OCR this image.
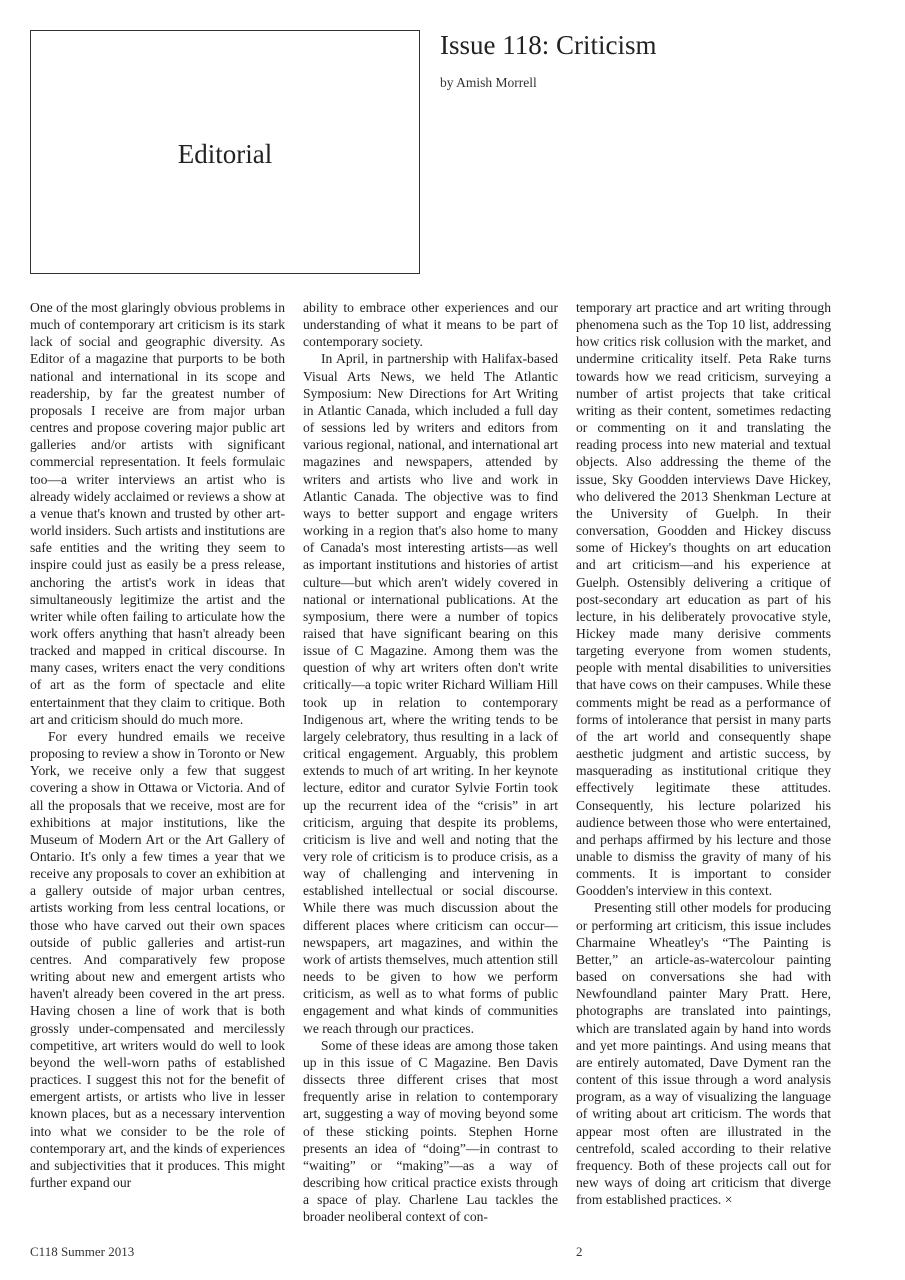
Editorial
Issue 118: Criticism
by Amish Morrell

One of the most glaringly obvious problems in much of contemporary art criticism is its stark lack of social and geographic diversity. As Editor of a magazine that purports to be both national and international in its scope and readership, by far the greatest number of proposals I receive are from major urban centres and propose covering major public art galleries and/or artists with significant commercial representation. It feels formulaic too—a writer interviews an artist who is already widely acclaimed or reviews a show at a venue that's known and trusted by other art-world insiders. Such artists and institutions are safe entities and the writing they seem to inspire could just as easily be a press release, anchoring the artist's work in ideas that simultaneously legitimize the artist and the writer while often failing to articulate how the work offers anything that hasn't already been tracked and mapped in critical discourse. In many cases, writers enact the very conditions of art as the form of spectacle and elite entertainment that they claim to critique. Both art and criticism should do much more.

For every hundred emails we receive proposing to review a show in Toronto or New York, we receive only a few that suggest covering a show in Ottawa or Victoria. And of all the proposals that we receive, most are for exhibitions at major institutions, like the Museum of Modern Art or the Art Gallery of Ontario. It's only a few times a year that we receive any proposals to cover an exhibition at a gallery outside of major urban centres, artists working from less central locations, or those who have carved out their own spaces outside of public galleries and artist-run centres. And comparatively few propose writing about new and emergent artists who haven't already been covered in the art press. Having chosen a line of work that is both grossly under-compensated and mercilessly competitive, art writers would do well to look beyond the well-worn paths of established practices. I suggest this not for the benefit of emergent artists, or artists who live in lesser known places, but as a necessary intervention into what we consider to be the role of contemporary art, and the kinds of experiences and subjectivities that it produces. This might further expand our

ability to embrace other experiences and our understanding of what it means to be part of contemporary society.

In April, in partnership with Halifax-based Visual Arts News, we held The Atlantic Symposium: New Directions for Art Writing in Atlantic Canada, which included a full day of sessions led by writers and editors from various regional, national, and international art magazines and newspapers, attended by writers and artists who live and work in Atlantic Canada. The objective was to find ways to better support and engage writers working in a region that's also home to many of Canada's most interesting artists—as well as important institutions and histories of artist culture—but which aren't widely covered in national or international publications. At the symposium, there were a number of topics raised that have significant bearing on this issue of C Magazine. Among them was the question of why art writers often don't write critically—a topic writer Richard William Hill took up in relation to contemporary Indigenous art, where the writing tends to be largely celebratory, thus resulting in a lack of critical engagement. Arguably, this problem extends to much of art writing. In her keynote lecture, editor and curator Sylvie Fortin took up the recurrent idea of the “crisis” in art criticism, arguing that despite its problems, criticism is live and well and noting that the very role of criticism is to produce crisis, as a way of challenging and intervening in established intellectual or social discourse. While there was much discussion about the different places where criticism can occur—newspapers, art magazines, and within the work of artists themselves, much attention still needs to be given to how we perform criticism, as well as to what forms of public engagement and what kinds of communities we reach through our practices.

Some of these ideas are among those taken up in this issue of C Magazine. Ben Davis dissects three different crises that most frequently arise in relation to contemporary art, suggesting a way of moving beyond some of these sticking points. Stephen Horne presents an idea of “doing”—in contrast to “waiting” or “making”—as a way of describing how critical practice exists through a space of play. Charlene Lau tackles the broader neoliberal context of con-

temporary art practice and art writing through phenomena such as the Top 10 list, addressing how critics risk collusion with the market, and undermine criticality itself. Peta Rake turns towards how we read criticism, surveying a number of artist projects that take critical writing as their content, sometimes redacting or commenting on it and translating the reading process into new material and textual objects. Also addressing the theme of the issue, Sky Goodden interviews Dave Hickey, who delivered the 2013 Shenkman Lecture at the University of Guelph. In their conversation, Goodden and Hickey discuss some of Hickey's thoughts on art education and art criticism—and his experience at Guelph. Ostensibly delivering a critique of post-secondary art education as part of his lecture, in his deliberately provocative style, Hickey made many derisive comments targeting everyone from women students, people with mental disabilities to universities that have cows on their campuses. While these comments might be read as a performance of forms of intolerance that persist in many parts of the art world and consequently shape aesthetic judgment and artistic success, by masquerading as institutional critique they effectively legitimate these attitudes. Consequently, his lecture polarized his audience between those who were entertained, and perhaps affirmed by his lecture and those unable to dismiss the gravity of many of his comments. It is important to consider Goodden's interview in this context.

Presenting still other models for producing or performing art criticism, this issue includes Charmaine Wheatley's “The Painting is Better,” an article-as-watercolour painting based on conversations she had with Newfoundland painter Mary Pratt. Here, photographs are translated into paintings, which are translated again by hand into words and yet more paintings. And using means that are entirely automated, Dave Dyment ran the content of this issue through a word analysis program, as a way of visualizing the language of writing about art criticism. The words that appear most often are illustrated in the centrefold, scaled according to their relative frequency. Both of these projects call out for new ways of doing art criticism that diverge from established practices. ×

C118 Summer 2013	2
